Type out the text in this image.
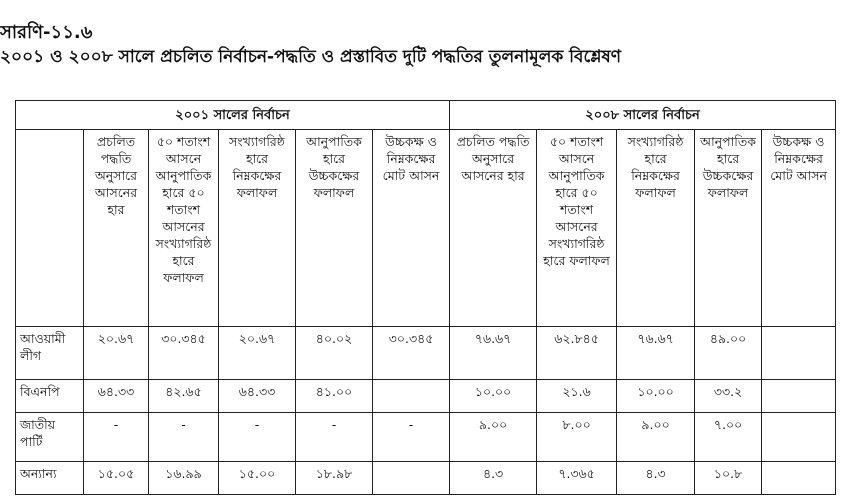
সারণি-১১.৬
২০০১ ও ২০০৮ সালে প্রচলিত নির্বাচন-পদ্ধতি ও প্রস্তাবিত দুটি পদ্ধতির তুলনামূলক বিশ্লেষণ
২০০১ সালের নির্বাচন						২০০৮ সালের নির্বাচন				
	প্রচলিত পদ্ধতি অনুসারে আসনের হার	৫০ শতাংশ আসনে আনুপাতিক হারে ৫০ শতাংশ আসনের সংখ্যাগরিষ্ঠ হারে ফলাফল	সংখ্যাগরিষ্ঠ হারে নিম্নকক্ষের ফলাফল	আনুপাতিক হারে উচ্চকক্ষের ফলাফল	উচ্চকক্ষ ও নিম্নকক্ষের মোট আসন	প্রচলিত পদ্ধতি অনুসারে আসনের হার	৫০ শতাংশ আসনে আনুপাতিক হারে ৫০ শতাংশ আসনের সংখ্যাগরিষ্ঠ হারে ফলাফল	সংখ্যাগরিষ্ঠ হারে নিম্নকক্ষের ফলাফল	আনুপাতিক হারে উচ্চকক্ষের ফলাফল	উচ্চকক্ষ ও নিম্নকক্ষের মোট আসন
আওয়ামী লীগ	২০.৬৭	৩০.৩৪৫	২০.৬৭	৪০.০২	৩০.৩৪৫	৭৬.৬৭	৬২.৮৪৫	৭৬.৬৭	৪৯.০০	
বিএনপি	৬৪.৩৩	৪২.৬৫	৬৪.৩৩	৪১.০০		১০.০০	২১.৬	১০.০০	৩৩.২	
জাতীয় পার্টি	-	-	-	-	-	৯.০০	৮.০০	৯.০০	৭.০০	
অন্যান্য	১৫.০৫	১৬.৯৯	১৫.০০	১৮.৯৮		৪.৩	৭.৩৬৫	৪.৩	১০.৮	
